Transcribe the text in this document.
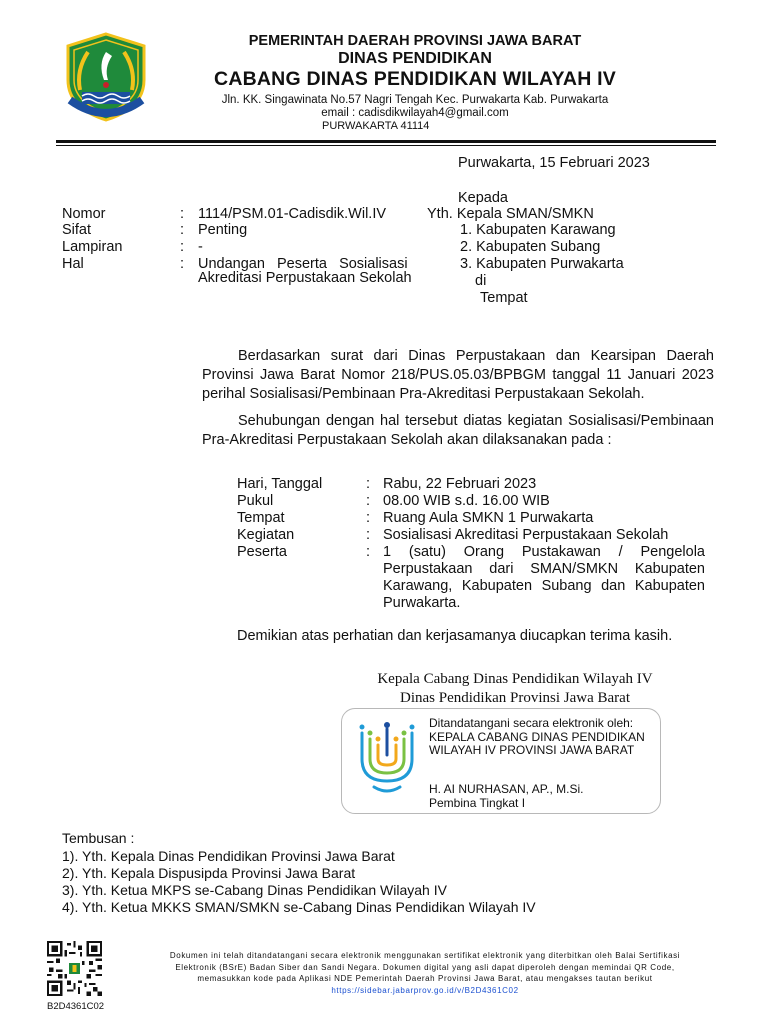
PEMERINTAH DAERAH PROVINSI JAWA BARAT
DINAS PENDIDIKAN
CABANG DINAS PENDIDIKAN WILAYAH IV
Jln. KK. Singawinata No.57 Nagri Tengah Kec. Purwakarta Kab. Purwakarta
email : cadisdikwilayah4@gmail.com
PURWAKARTA 41114
Purwakarta, 15 Februari 2023
Kepada
Yth. Kepala SMAN/SMKN
1. Kabupaten Karawang
2. Kabupaten Subang
3. Kabupaten Purwakarta
di
Tempat
Nomor	: 1114/PSM.01-Cadisdik.Wil.IV
Sifat	: Penting
Lampiran	: -
Hal	: Undangan   Peserta   Sosialisasi
Akreditasi Perpustakaan Sekolah

Berdasarkan surat dari Dinas Perpustakaan dan Kearsipan Daerah Provinsi Jawa Barat Nomor 218/PUS.05.03/BPBGM tanggal 11 Januari 2023 perihal Sosialisasi/Pembinaan Pra-Akreditasi Perpustakaan Sekolah.

Sehubungan dengan hal tersebut diatas kegiatan Sosialisasi/Pembinaan Pra-Akreditasi Perpustakaan Sekolah akan dilaksanakan pada :

Hari, Tanggal	: Rabu, 22 Februari 2023
Pukul	: 08.00 WIB s.d. 16.00 WIB
Tempat	: Ruang Aula SMKN 1 Purwakarta
Kegiatan	: Sosialisasi Akreditasi Perpustakaan Sekolah
Peserta	: 1 (satu) Orang Pustakawan / Pengelola Perpustakaan dari SMAN/SMKN Kabupaten Karawang, Kabupaten Subang dan Kabupaten Purwakarta.
Demikian atas perhatian dan kerjasamanya diucapkan terima kasih.
Kepala Cabang Dinas Pendidikan Wilayah IV
Dinas Pendidikan Provinsi Jawa Barat
Ditandatangani secara elektronik oleh:
KEPALA CABANG DINAS PENDIDIKAN
WILAYAH IV PROVINSI JAWA BARAT
H. AI NURHASAN, AP., M.Si.
Pembina Tingkat I
Tembusan :
1). Yth. Kepala Dinas Pendidikan Provinsi Jawa Barat
2). Yth. Kepala Dispusipda Provinsi Jawa Barat
3). Yth. Ketua MKPS se-Cabang Dinas Pendidikan Wilayah IV
4). Yth. Ketua MKKS SMAN/SMKN se-Cabang Dinas Pendidikan Wilayah IV
B2D4361C02
Dokumen ini telah ditandatangani secara elektronik menggunakan sertifikat elektronik yang diterbitkan oleh Balai Sertifikasi
Elektronik (BSrE) Badan Siber dan Sandi Negara. Dokumen digital yang asli dapat diperoleh dengan memindai QR Code,
memasukkan kode pada Aplikasi NDE Pemerintah Daerah Provinsi Jawa Barat, atau mengakses tautan berikut
https://sidebar.jabarprov.go.id/v/B2D4361C02
